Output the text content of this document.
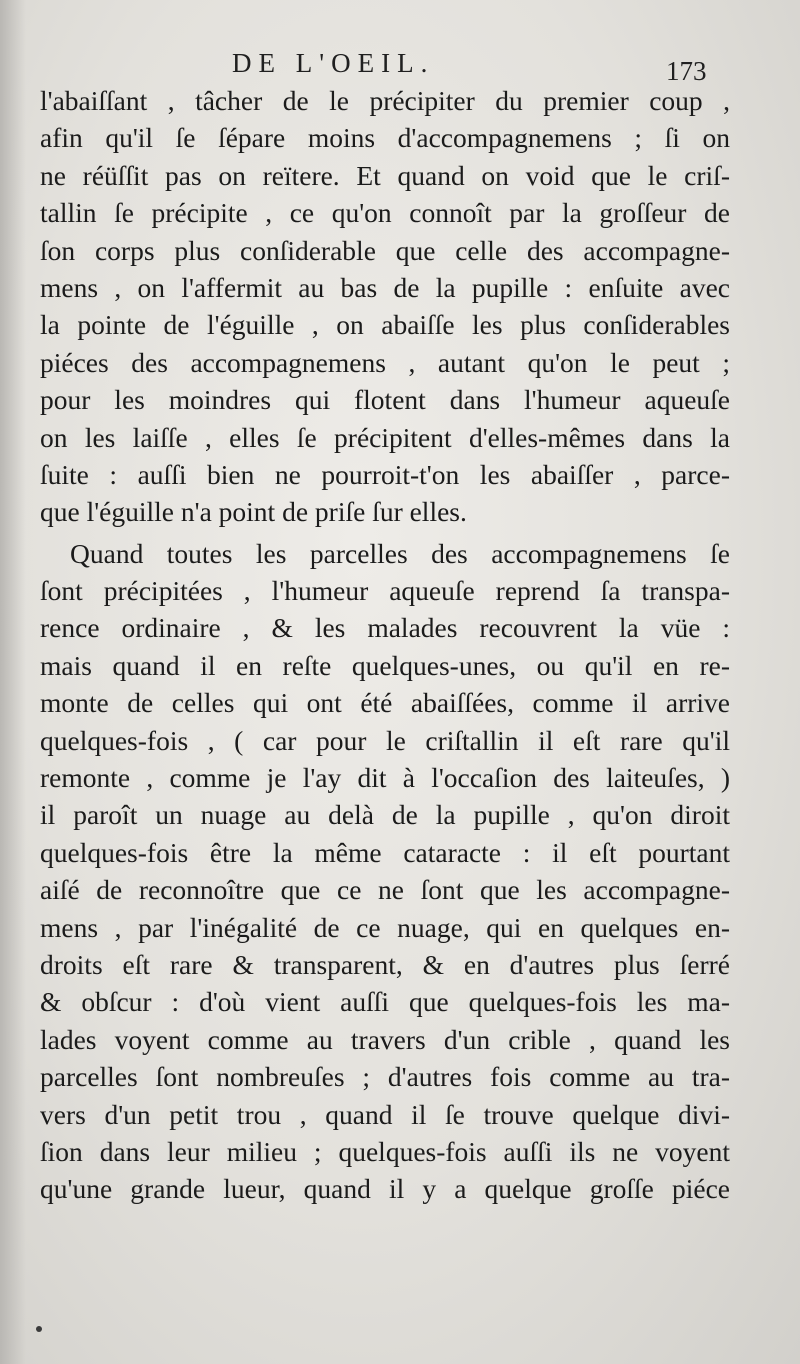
DE L'OEIL.	173
l'abaiſſant , tâcher de le précipiter du premier coup ,
afin qu'il ſe ſépare moins d'accompagnemens ; ſi on
ne réüſſit pas on reïtere. Et quand on void que le criſ-
tallin ſe précipite , ce qu'on connoît par la groſſeur de
ſon corps plus conſiderable que celle des accompagne-
mens , on l'affermit au bas de la pupille : enſuite avec
la pointe de l'éguille , on abaiſſe les plus conſiderables
piéces des accompagnemens , autant qu'on le peut ;
pour les moindres qui flotent dans l'humeur aqueuſe
on les laiſſe , elles ſe précipitent d'elles-mêmes dans la
ſuite : auſſi bien ne pourroit-t'on les abaiſſer , parce-
que l'éguille n'a point de priſe ſur elles.
Quand toutes les parcelles des accompagnemens ſe
ſont précipitées , l'humeur aqueuſe reprend ſa transpa-
rence ordinaire , & les malades recouvrent la vüe :
mais quand il en reſte quelques-unes, ou qu'il en re-
monte de celles qui ont été abaiſſées, comme il arrive
quelques-fois , ( car pour le criſtallin il eſt rare qu'il
remonte , comme je l'ay dit à l'occaſion des laiteuſes, )
il paroît un nuage au delà de la pupille , qu'on diroit
quelques-fois être la même cataracte : il eſt pourtant
aiſé de reconnoître que ce ne ſont que les accompagne-
mens , par l'inégalité de ce nuage, qui en quelques en-
droits eſt rare & transparent, & en d'autres plus ſerré
& obſcur : d'où vient auſſi que quelques-fois les ma-
lades voyent comme au travers d'un crible , quand les
parcelles ſont nombreuſes ; d'autres fois comme au tra-
vers d'un petit trou , quand il ſe trouve quelque divi-
ſion dans leur milieu ; quelques-fois auſſi ils ne voyent
qu'une grande lueur, quand il y a quelque groſſe piéce
